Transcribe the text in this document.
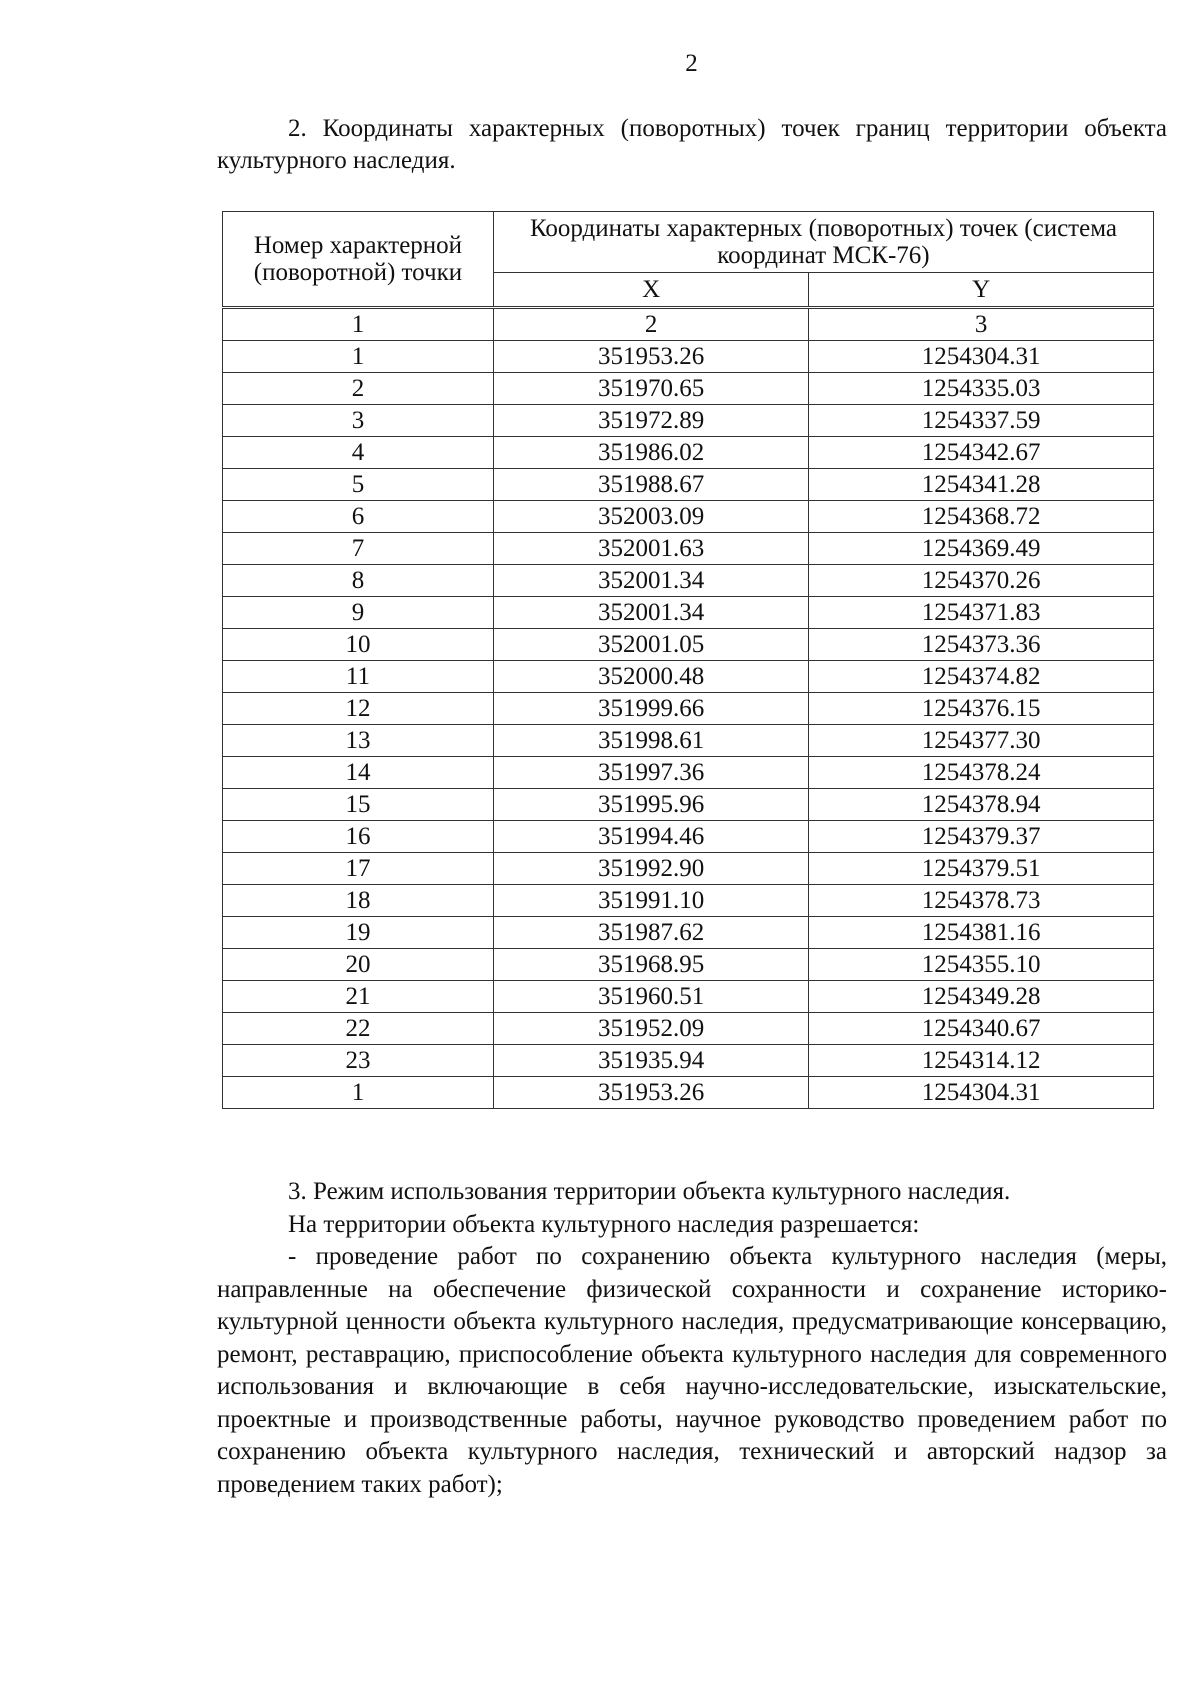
2
2. Координаты характерных (поворотных) точек границ территории объекта культурного наследия.
Номер характерной (поворотной) точки	Координаты характерных (поворотных) точек (система координат МСК-76)	
	X	Y
1	2	3
1	351953.26	1254304.31
2	351970.65	1254335.03
3	351972.89	1254337.59
4	351986.02	1254342.67
5	351988.67	1254341.28
6	352003.09	1254368.72
7	352001.63	1254369.49
8	352001.34	1254370.26
9	352001.34	1254371.83
10	352001.05	1254373.36
11	352000.48	1254374.82
12	351999.66	1254376.15
13	351998.61	1254377.30
14	351997.36	1254378.24
15	351995.96	1254378.94
16	351994.46	1254379.37
17	351992.90	1254379.51
18	351991.10	1254378.73
19	351987.62	1254381.16
20	351968.95	1254355.10
21	351960.51	1254349.28
22	351952.09	1254340.67
23	351935.94	1254314.12
1	351953.26	1254304.31

3. Режим использования территории объекта культурного наследия.

На территории объекта культурного наследия разрешается:

- проведение работ по сохранению объекта культурного наследия (меры, направленные на обеспечение физической сохранности и сохранение историко-культурной ценности объекта культурного наследия, предусматривающие консервацию, ремонт, реставрацию, приспособление объекта культурного наследия для современного использования и включающие в себя научно-исследовательские, изыскательские, проектные и производственные работы, научное руководство проведением работ по сохранению объекта культурного наследия, технический и авторский надзор за проведением таких работ);
